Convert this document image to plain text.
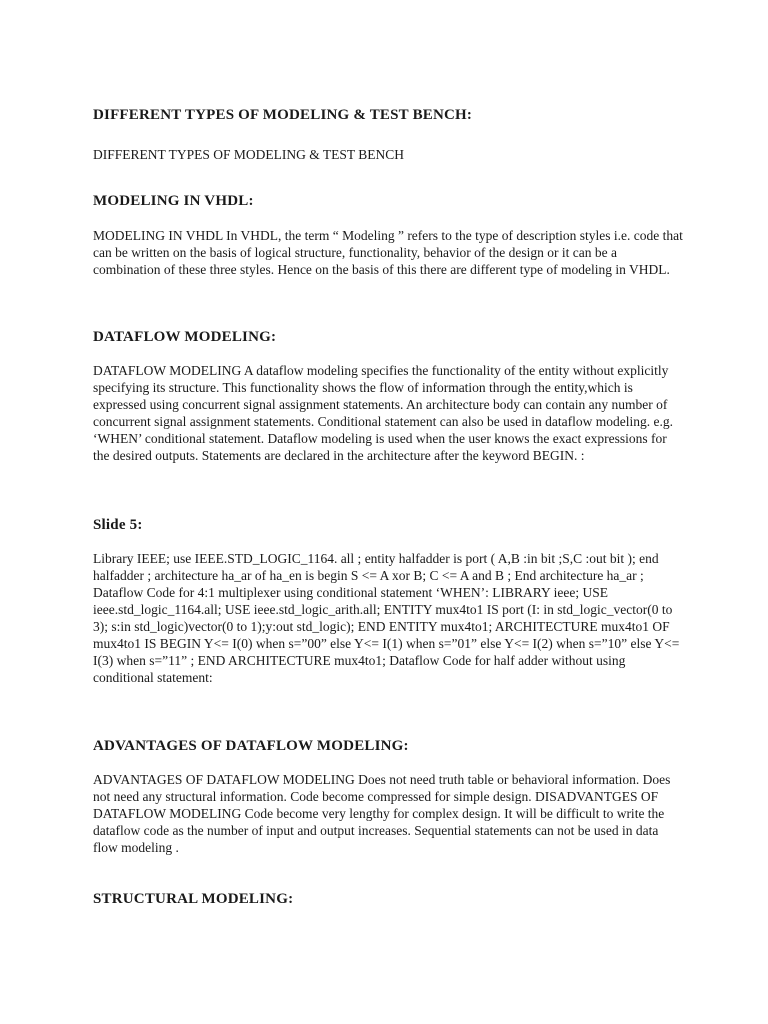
DIFFERENT TYPES OF MODELING & TEST BENCH:

DIFFERENT TYPES OF MODELING & TEST BENCH

MODELING IN VHDL:

MODELING IN VHDL In VHDL, the term “ Modeling ” refers to the type of description styles i.e. code that can be written on the basis of logical structure, functionality, behavior of the design or it can be a combination of these three styles. Hence on the basis of this there are different type of modeling in VHDL.

DATAFLOW MODELING:

DATAFLOW MODELING A dataflow modeling specifies the functionality of the entity without explicitly specifying its structure. This functionality shows the flow of information through the entity,which is expressed using concurrent signal assignment statements. An architecture body can contain any number of concurrent signal assignment statements. Conditional statement can also be used in dataflow modeling. e.g. ‘WHEN’ conditional statement. Dataflow modeling is used when the user knows the exact expressions for the desired outputs. Statements are declared in the architecture after the keyword BEGIN. :

Slide 5:

Library IEEE; use IEEE.STD_LOGIC_1164. all ; entity halfadder is port ( A,B :in bit ;S,C :out bit ); end halfadder ; architecture ha_ar of ha_en is begin S <= A xor B; C <= A and B ; End architecture ha_ar ; Dataflow Code for 4:1 multiplexer using conditional statement ‘WHEN’: LIBRARY ieee; USE ieee.std_logic_1164.all; USE ieee.std_logic_arith.all; ENTITY mux4to1 IS port (I: in std_logic_vector(0 to 3); s:in std_logic)vector(0 to 1);y:out std_logic); END ENTITY mux4to1; ARCHITECTURE mux4to1 OF mux4to1 IS BEGIN Y<= I(0) when s=”00” else Y<= I(1) when s=”01” else Y<= I(2) when s=”10” else Y<= I(3) when s=”11” ; END ARCHITECTURE mux4to1; Dataflow Code for half adder without using conditional statement:

ADVANTAGES OF DATAFLOW MODELING:

ADVANTAGES OF DATAFLOW MODELING Does not need truth table or behavioral information. Does not need any structural information. Code become compressed for simple design. DISADVANTGES OF DATAFLOW MODELING Code become very lengthy for complex design. It will be difficult to write the dataflow code as the number of input and output increases. Sequential statements can not be used in data flow modeling .

STRUCTURAL MODELING:
